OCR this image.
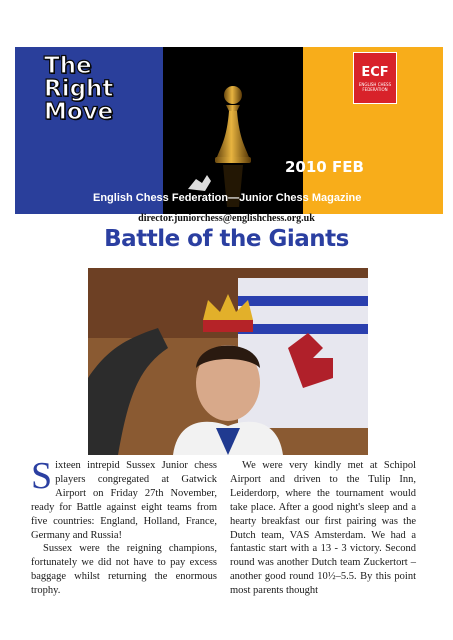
The
Right
Move
ECF
ENGLISH CHESS FEDERATION
2010 FEB
English Chess Federation—Junior Chess Magazine
director.juniorchess@englishchess.org.uk
Battle of the Giants

Sixteen intrepid Sussex Junior chess players congregated at Gatwick Airport on Friday 27th November, ready for Battle against eight teams from five countries: England, Holland, France, Germany and Russia!

Sussex were the reigning champions, fortunately we did not have to pay excess baggage whilst returning the enormous trophy.

We were very kindly met at Schipol Airport and driven to the Tulip Inn, Leiderdorp, where the tournament would take place. After a good night's sleep and a hearty breakfast our first pairing was the Dutch team, VAS Amsterdam. We had a fantastic start with a 13 - 3 victory. Second round was another Dutch team Zuckertort – another good round 10½–5.5. By this point most parents thought
